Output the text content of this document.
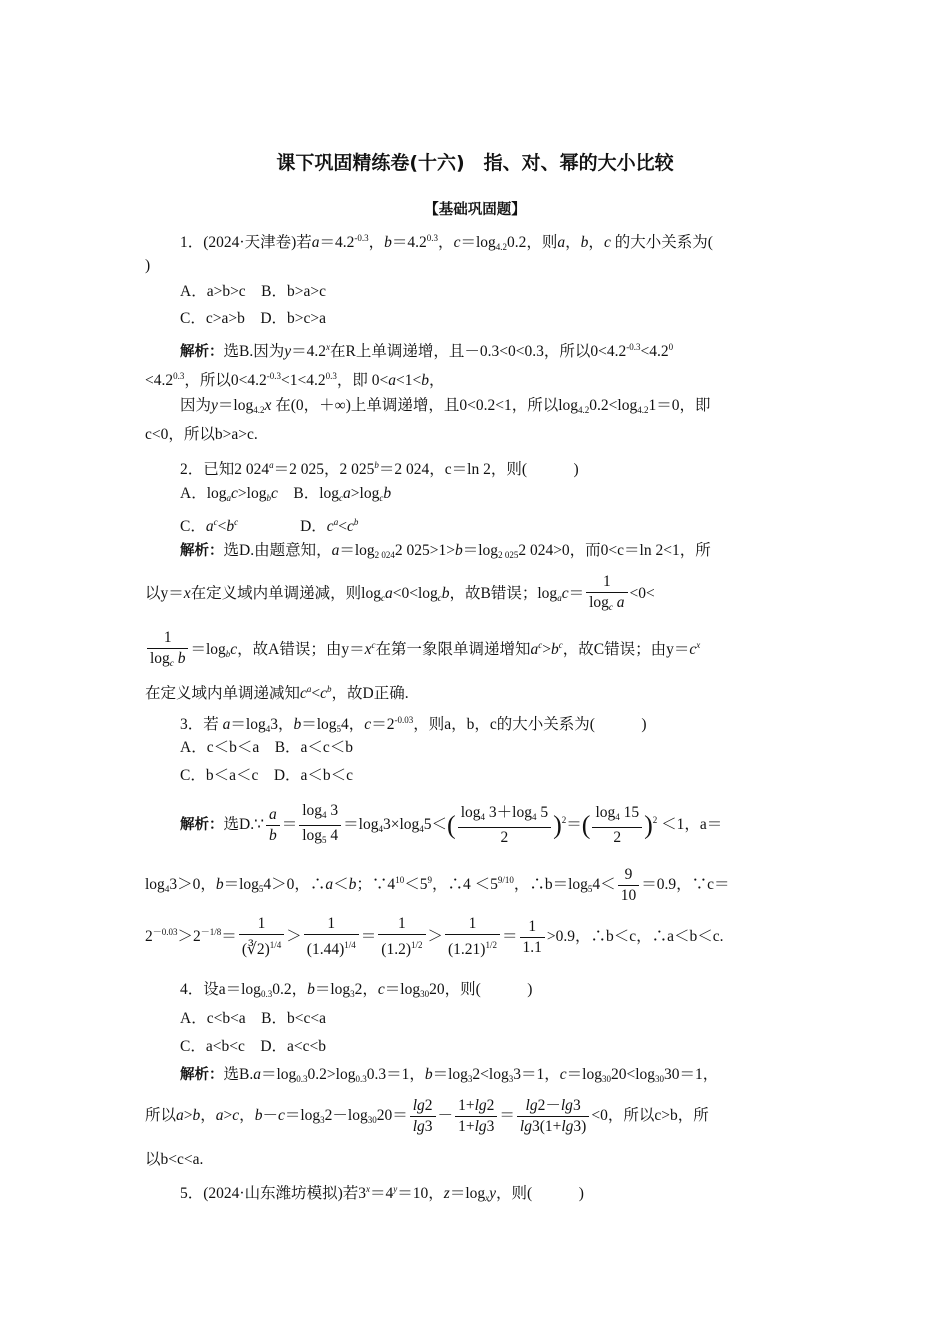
课下巩固精练卷(十六)　指、对、幂的大小比较
【基础巩固题】
1．(2024·天津卷)若$a=4.2^{-0.3}$，$b=4.2^{0.3}$，$c=\log_{4.2}0.2$，则a，b，c 的大小关系为(
)
A．a>b>c　B．b>a>c
C．c>a>b　D．b>c>a
解析：选B.因为$y=4.2^x$在R上单调递增，且－0.3<0<0.3，所以$0<4.2^{-0.3}<4.2^0$
$<4.2^{0.3}$，所以$0<4.2^{-0.3}<1<4.2^{0.3}$，即 0<a<1<b，
因为$y=\log_{4.2}x$ 在(0，＋∞)上单调递增，且0<0.2<1，所以$\log_{4.2}0.2<\log_{4.2}1=0$，即
c<0，所以b>a>c.
2．已知2 $024^a=2$ 025，2 $025^b=2$ 024，c＝ln 2，则(　　　)
A．$\log_ac>\log_bc$　B．$\log_ca>\log_cb$
C．$a^c<b^c$　　　　D．$c^a<c^b$
解析：选D.由题意知，$a=\log_{2 024}2$ $025>1>b=\log_{2 025}2$ 024>0，而0<c＝ln 2<1，所
以y＝x在定义域内单调递减，则$\log_ca<0<\log_cb$，故B错误；$\log_ac= \frac{1}{\log_c a} <0<$
$\frac{1}{\log_c b} =\log_bc$，故A错误；由$y=x^c$在第一象限单调递增知$a^c>b^c$，故C错误；由$y=c^x$
在定义域内单调递减知$c^a<c^b$，故D正确.
3．若 $a=\log_43$，$b=\log_54$，$c=2^{-0.03}$，则a，b，c的大小关系为(　　　)
A．c＜b＜a　B．a＜c＜b
C．b＜a＜c　D．a＜b＜c
解析：选D.∵ $\frac{a}{b} = \frac{\log_4 3}{\log_5 4} =\log_43\times\log_45<( \frac{\log_4 3+\log_4 5}{2} )^2=( \frac{\log_4 15}{2} )^2 <1$，a＝
$\log_43>0$，$b=\log_54>0$，∴a＜b；$\because 4^{10}<5^9$，∴4 $<5^{9/10}$，$\therefore b=\log_54< \frac{9}{10} =0.9$，∵c＝
$2^{-0.03}>2^{-1/8}= \frac{1}{(∛2)^{1/4}} > \frac{1}{(1.44)^{1/4}} = \frac{1}{(1.2)^{1/2}} > \frac{1}{(1.21)^{1/2}} = \frac{1}{1.1} >0.9$，∴b＜c，∴a＜b＜c.
4．设$a=\log_{0.3}0.2$，$b=\log_32$，$c=\log_{30}20$，则(　　　)
A．c<b<a　B．b<c<a
C．a<b<c　D．a<c<b
解析：选$B.a=\log_{0.3}0.2>\log_{0.3}0.3=1$，$b=\log_32<\log_33=1$，$c=\log_{30}20<\log_{30}30=1$，
所以a>b，a>c，$b-c=\log_32-\log_{30}20= \frac{\lg 2}{\lg 3} - \frac{1+\lg 2}{1+\lg 3} = \frac{\lg 2-\lg 3}{\lg 3(1+\lg 3)} <0$，所以c>b，所
以b<c<a.
5．(2024·山东潍坊模拟)若$3^x=4^y=10$，$z=\log_xy$，则(　　　)
